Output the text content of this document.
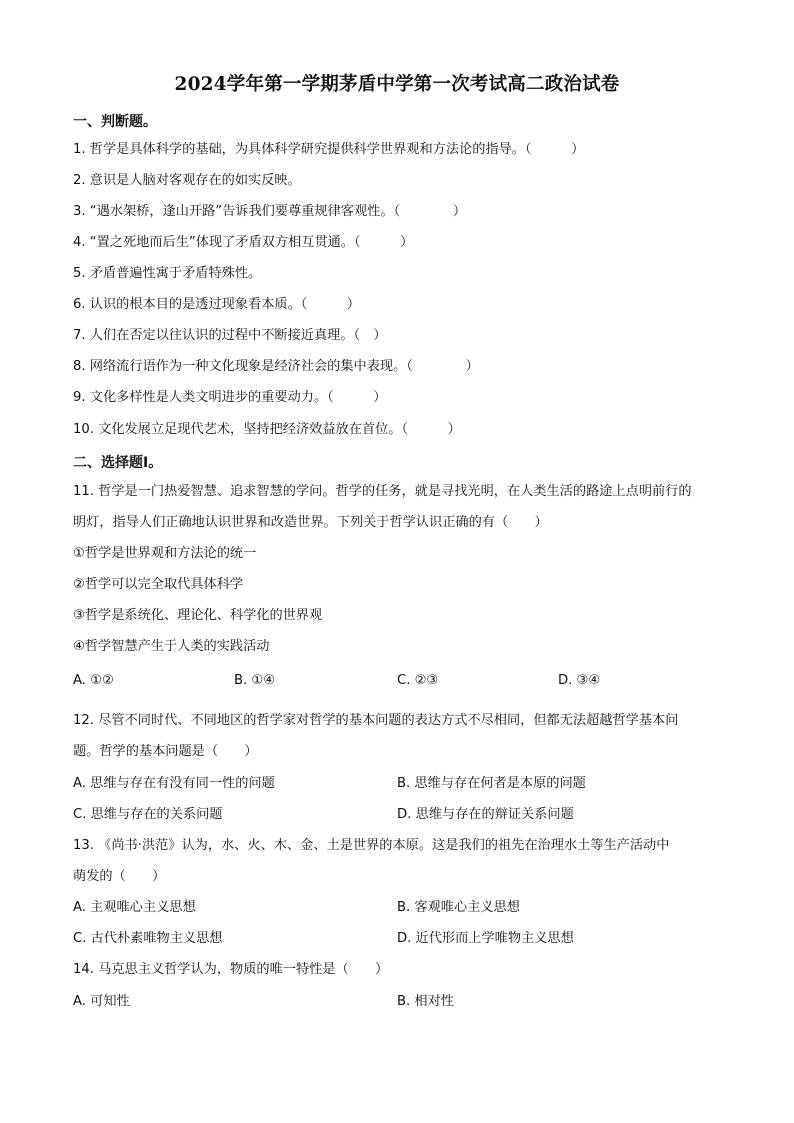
2024学年第一学期茅盾中学第一次考试高二政治试卷
一、判断题。
1. 哲学是具体科学的基础，为具体科学研究提供科学世界观和方法论的指导。（　　　）
2. 意识是人脑对客观存在的如实反映。
3. “遇水架桥，逢山开路”告诉我们要尊重规律客观性。（　　　　）
4. “置之死地而后生”体现了矛盾双方相互贯通。（　　　）
5. 矛盾普遍性寓于矛盾特殊性。
6. 认识的根本目的是透过现象看本质。（　　　）
7. 人们在否定以往认识的过程中不断接近真理。（　）
8. 网络流行语作为一种文化现象是经济社会的集中表现。（　　　　）
9. 文化多样性是人类文明进步的重要动力。（　　　）
10. 文化发展立足现代艺术，坚持把经济效益放在首位。（　　　）
二、选择题Ⅰ。
11. 哲学是一门热爱智慧、追求智慧的学问。哲学的任务，就是寻找光明，在人类生活的路途上点明前行的
明灯，指导人们正确地认识世界和改造世界。下列关于哲学认识正确的有（　　）
①哲学是世界观和方法论的统一
②哲学可以完全取代具体科学
③哲学是系统化、理论化、科学化的世界观
④哲学智慧产生于人类的实践活动
A. ①②	B. ①④	C. ②③	D. ③④
12. 尽管不同时代、不同地区的哲学家对哲学的基本问题的表达方式不尽相同，但都无法超越哲学基本问
题。哲学的基本问题是（　　）
A. 思维与存在有没有同一性的问题	B. 思维与存在何者是本原的问题
C. 思维与存在的关系问题	D. 思维与存在的辩证关系问题
13. 《尚书·洪范》认为，水、火、木、金、土是世界的本原。这是我们的祖先在治理水土等生产活动中
萌发的（　　）
A. 主观唯心主义思想	B. 客观唯心主义思想
C. 古代朴素唯物主义思想	D. 近代形而上学唯物主义思想
14. 马克思主义哲学认为，物质的唯一特性是（　　）
A. 可知性	B. 相对性
